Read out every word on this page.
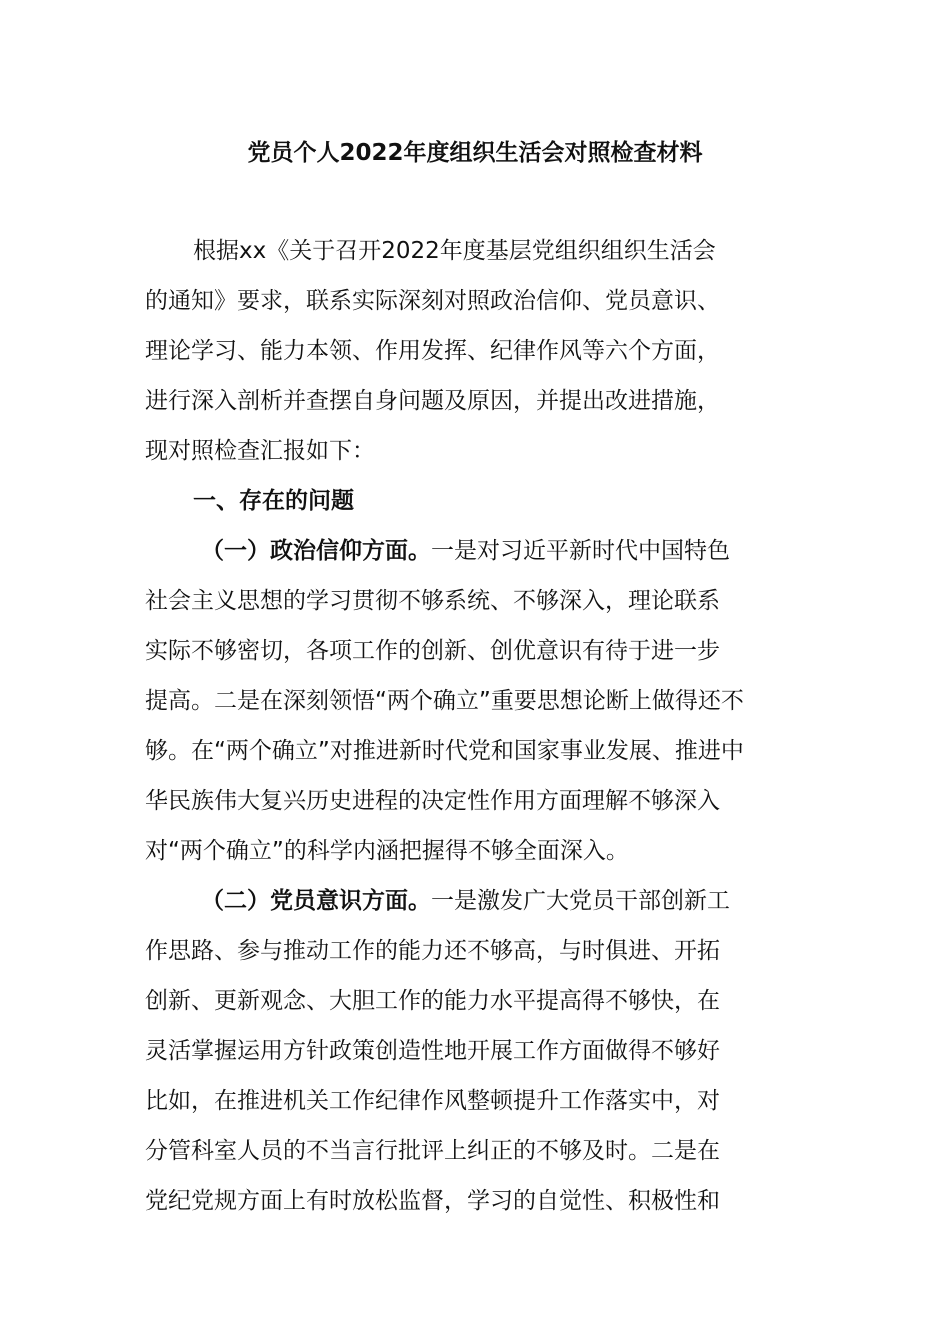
党员个人2022年度组织生活会对照检查材料
根据xx《关于召开2022年度基层党组织组织生活会
的通知》要求，联系实际深刻对照政治信仰、党员意识、
理论学习、能力本领、作用发挥、纪律作风等六个方面，
进行深入剖析并查摆自身问题及原因，并提出改进措施，
现对照检查汇报如下：
一、存在的问题
（一）政治信仰方面。一是对习近平新时代中国特色
社会主义思想的学习贯彻不够系统、不够深入，理论联系
实际不够密切，各项工作的创新、创优意识有待于进一步
提高。二是在深刻领悟“两个确立”重要思想论断上做得还不
够。在“两个确立”对推进新时代党和国家事业发展、推进中
华民族伟大复兴历史进程的决定性作用方面理解不够深入
对“两个确立”的科学内涵把握得不够全面深入。
（二）党员意识方面。一是激发广大党员干部创新工
作思路、参与推动工作的能力还不够高，与时俱进、开拓
创新、更新观念、大胆工作的能力水平提高得不够快，在
灵活掌握运用方针政策创造性地开展工作方面做得不够好
比如，在推进机关工作纪律作风整顿提升工作落实中，对
分管科室人员的不当言行批评上纠正的不够及时。二是在
党纪党规方面上有时放松监督，学习的自觉性、积极性和
